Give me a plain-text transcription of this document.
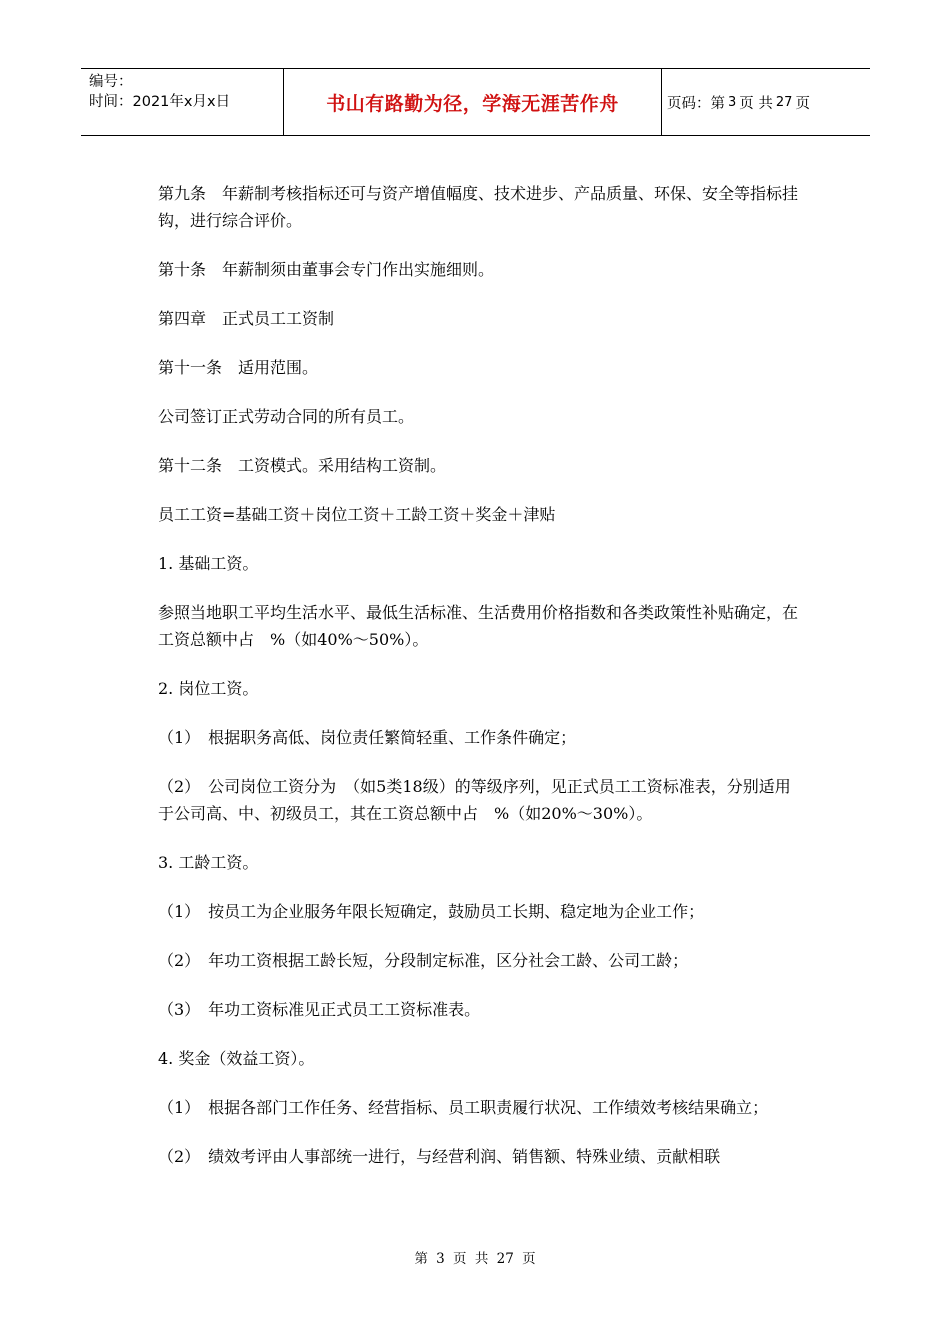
编号：
时间：2021年x月x日	书山有路勤为径，学海无涯苦作舟	页码：第 3 页 共 27 页

第九条　年薪制考核指标还可与资产增值幅度、技术进步、产品质量、环保、安全等指标挂钩，进行综合评价。

第十条　年薪制须由董事会专门作出实施细则。

第四章　正式员工工资制

第十一条　适用范围。

公司签订正式劳动合同的所有员工。

第十二条　工资模式。采用结构工资制。

员工工资=基础工资＋岗位工资＋工龄工资＋奖金＋津贴

1. 基础工资。

参照当地职工平均生活水平、最低生活标准、生活费用价格指数和各类政策性补贴确定，在工资总额中占　%（如40%～50%）。

2. 岗位工资。

（1）　根据职务高低、岗位责任繁简轻重、工作条件确定；

（2）　公司岗位工资分为　（如5类18级）的等级序列，见正式员工工资标准表，分别适用于公司高、中、初级员工，其在工资总额中占　%（如20%～30%）。

3. 工龄工资。

（1）　按员工为企业服务年限长短确定，鼓励员工长期、稳定地为企业工作；

（2）　年功工资根据工龄长短，分段制定标准，区分社会工龄、公司工龄；

（3）　年功工资标准见正式员工工资标准表。

4. 奖金（效益工资）。

（1）　根据各部门工作任务、经营指标、员工职责履行状况、工作绩效考核结果确立；

（2）　绩效考评由人事部统一进行，与经营利润、销售额、特殊业绩、贡献相联

第 3 页 共 27 页
